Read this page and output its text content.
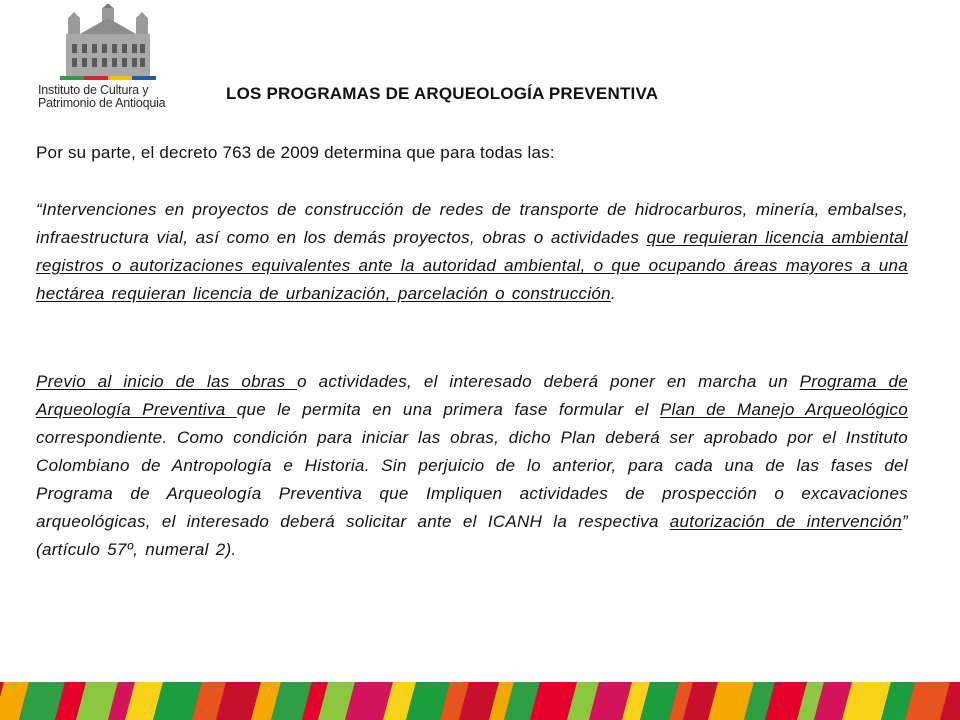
Instituto de Cultura y
Patrimonio de Antioquia	LOS PROGRAMAS DE ARQUEOLOGÍA PREVENTIVA
Por su parte, el decreto 763 de 2009 determina que para todas las:

“Intervenciones en proyectos de construcción de redes de transporte de hidrocarburos, minería, embalses, infraestructura vial, así como en los demás proyectos, obras o actividades que requieran licencia ambiental registros o autorizaciones equivalentes ante la autoridad ambiental, o que ocupando áreas mayores a una hectárea requieran licencia de urbanización, parcelación o construcción.

Previo al inicio de las obras o actividades, el interesado deberá poner en marcha un Programa de Arqueología Preventiva que le permita en una primera fase formular el Plan de Manejo Arqueológico correspondiente. Como condición para iniciar las obras, dicho Plan deberá ser aprobado por el Instituto Colombiano de Antropología e Historia. Sin perjuicio de lo anterior, para cada una de las fases del Programa de Arqueología Preventiva que Impliquen actividades de prospección o excavaciones arqueológicas, el interesado deberá solicitar ante el ICANH la respectiva autorización de intervención” (artículo 57º, numeral 2).
